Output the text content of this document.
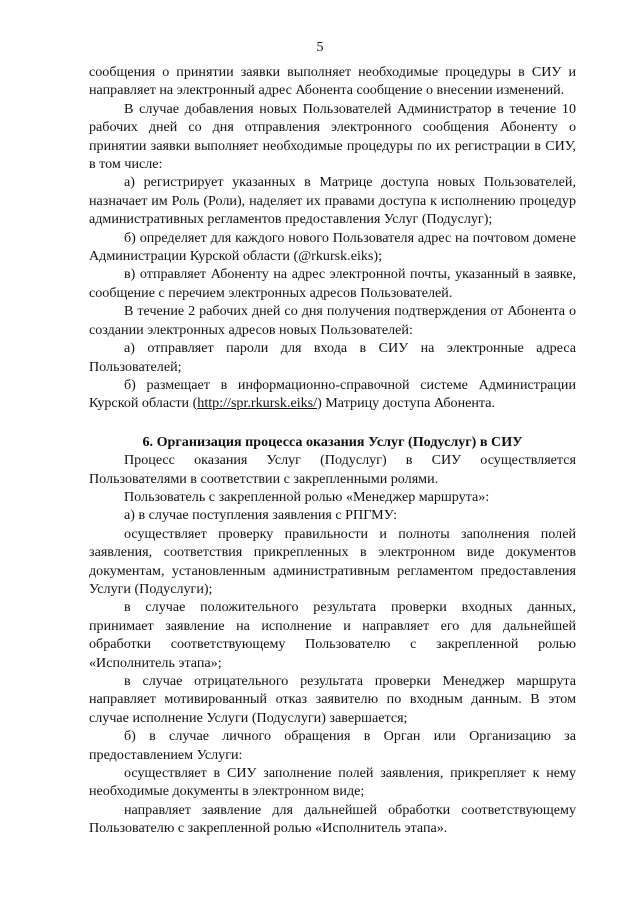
5

сообщения о принятии заявки выполняет необходимые процедуры в СИУ и направляет на электронный адрес Абонента сообщение о внесении изменений.

В случае добавления новых Пользователей Администратор в течение 10 рабочих дней со дня отправления электронного сообщения Абоненту о принятии заявки выполняет необходимые процедуры по их регистрации в СИУ, в том числе:

а) регистрирует указанных в Матрице доступа новых Пользователей, назначает им Роль (Роли), наделяет их правами доступа к исполнению процедур административных регламентов предоставления Услуг (Подуслуг);

б) определяет для каждого нового Пользователя адрес на почтовом домене Администрации Курской области (@rkursk.eiks);

в) отправляет Абоненту на адрес электронной почты, указанный в заявке, сообщение с перечием электронных адресов Пользователей.

В течение 2 рабочих дней со дня получения подтверждения от Абонента о создании электронных адресов новых Пользователей:

а) отправляет пароли для входа в СИУ на электронные адреса Пользователей;

б) размещает в информационно-справочной системе Администрации Курской области (http://spr.rkursk.eiks/) Матрицу доступа Абонента.

6. Организация процесса оказания Услуг (Подуслуг) в СИУ

Процесс оказания Услуг (Подуслуг) в СИУ осуществляется Пользователями в соответствии с закрепленными ролями.

Пользователь с закрепленной ролью «Менеджер маршрута»:

а) в случае поступления заявления с РПГМУ:

осуществляет проверку правильности и полноты заполнения полей заявления, соответствия прикрепленных в электронном виде документов документам, установленным административным регламентом предоставления Услуги (Подуслуги);

в случае положительного результата проверки входных данных, принимает заявление на исполнение и направляет его для дальнейшей обработки соответствующему Пользователю с закрепленной ролью «Исполнитель этапа»;

в случае отрицательного результата проверки Менеджер маршрута направляет мотивированный отказ заявителю по входным данным. В этом случае исполнение Услуги (Подуслуги) завершается;

б) в случае личного обращения в Орган или Организацию за предоставлением Услуги:

осуществляет в СИУ заполнение полей заявления, прикрепляет к нему необходимые документы в электронном виде;

направляет заявление для дальнейшей обработки соответствующему Пользователю с закрепленной ролью «Исполнитель этапа».
